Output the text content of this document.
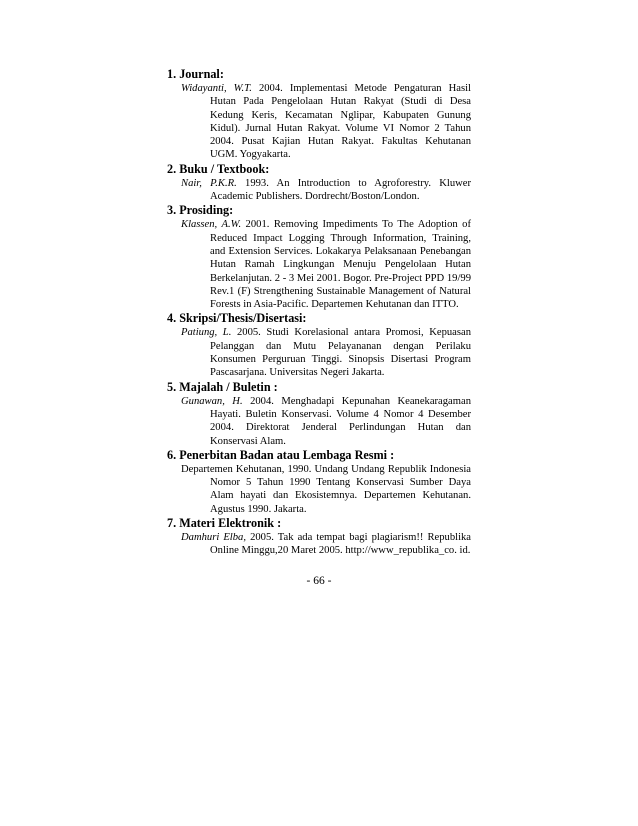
1. Journal:

Widayanti, W.T. 2004. Implementasi Metode Pengaturan Hasil Hutan Pada Pengelolaan Hutan Rakyat (Studi di Desa Kedung Keris, Kecamatan Nglipar, Kabupaten Gunung Kidul). Jurnal Hutan Rakyat. Volume VI Nomor 2 Tahun 2004. Pusat Kajian Hutan Rakyat. Fakultas Kehutanan UGM. Yogyakarta.

2. Buku / Textbook:

Nair, P.K.R. 1993. An Introduction to Agroforestry. Kluwer Academic Publishers. Dordrecht/Boston/London.

3. Prosiding:

Klassen, A.W. 2001. Removing Impediments To The Adoption of Reduced Impact Logging Through Information, Training, and Extension Services. Lokakarya Pelaksanaan Penebangan Hutan Ramah Lingkungan Menuju Pengelolaan Hutan Berkelanjutan. 2 - 3 Mei 2001. Bogor. Pre-Project PPD 19/99 Rev.1 (F) Strengthening Sustainable Management of Natural Forests in Asia-Pacific. Departemen Kehutanan dan ITTO.

4. Skripsi/Thesis/Disertasi:

Patiung, L. 2005. Studi Korelasional antara Promosi, Kepuasan Pelanggan dan Mutu Pelayananan dengan Perilaku Konsumen Perguruan Tinggi. Sinopsis Disertasi Program Pascasarjana. Universitas Negeri Jakarta.

5. Majalah / Buletin :

Gunawan, H. 2004. Menghadapi Kepunahan Keanekaragaman Hayati. Buletin Konservasi. Volume 4 Nomor 4 Desember 2004. Direktorat Jenderal Perlindungan Hutan dan Konservasi Alam.

6. Penerbitan Badan atau Lembaga Resmi :

Departemen Kehutanan, 1990. Undang Undang Republik Indonesia Nomor 5 Tahun 1990 Tentang Konservasi Sumber Daya Alam hayati dan Ekosistemnya. Departemen Kehutanan. Agustus 1990. Jakarta.

7. Materi Elektronik :

Damhuri Elba, 2005. Tak ada tempat bagi plagiarism!! Republika Online Minggu,20 Maret 2005. http://www_republika_co. id.

- 66 -
